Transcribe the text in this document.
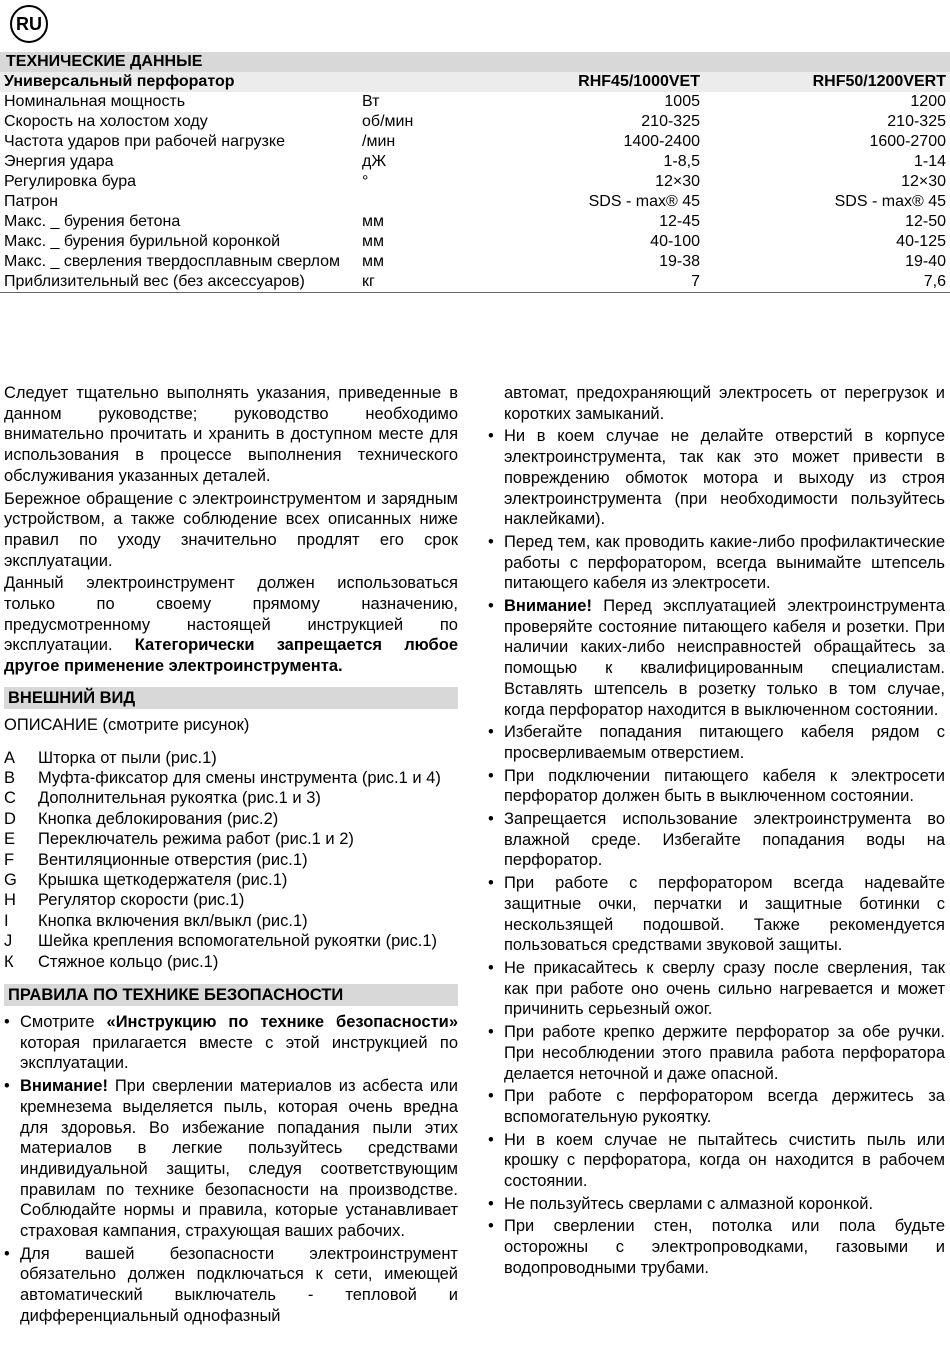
RU
ТЕХНИЧЕСКИЕ ДАННЫЕ
Универсальный перфоратор		RHF45/1000VET	RHF50/1200VERT
Номинальная мощность	Вт	1005	1200
Скорость на холостом ходу	об/мин	210-325	210-325
Частота ударов при рабочей нагрузке	/мин	1400-2400	1600-2700
Энергия удара	дЖ	1-8,5	1-14
Регулировка бура	°	12×30	12×30
Патрон		SDS - max® 45	SDS - max® 45
Макс. _ бурения бетона	мм	12-45	12-50
Макс. _ бурения бурильной коронкой	мм	40-100	40-125
Макс. _ сверления твердосплавным сверлом	мм	19-38	19-40
Приблизительный вес (без аксессуаров)	кг	7	7,6

Следует тщательно выполнять указания, приведенные в данном руководстве; руководство необходимо внимательно прочитать и хранить в доступном месте для использования в процессе выполнения технического обслуживания указанных деталей.

Бережное обращение с электроинструментом и зарядным устройством, а также соблюдение всех описанных ниже правил по уходу значительно продлят его срок эксплуатации.

Данный электроинструмент должен использоваться только по своему прямому назначению, предусмотренному настоящей инструкцией по эксплуатации. Категорически запрещается любое другое применение электроинструмента.

ВНЕШНИЙ ВИД
ОПИСАНИЕ (смотрите рисунок)
A	Шторка от пыли (рис.1)
B	Муфта-фиксатор для смены инструмента (рис.1 и 4)
C	Дополнительная рукоятка (рис.1 и 3)
D	Кнопка деблокирования (рис.2)
E	Переключатель режима работ (рис.1 и 2)
F	Вентиляционные отверстия (рис.1)
G	Крышка щеткодержателя (рис.1)
H	Регулятор скорости (рис.1)
I	Кнопка включения вкл/выкл (рис.1)
J	Шейка крепления вспомогательной рукоятки (рис.1)
К	Стяжное кольцо (рис.1)
ПРАВИЛА ПО ТЕХНИКЕ БЕЗОПАСНОСТИ
• Смотрите «Инструкцию по технике безопасности» которая прилагается вместе с этой инструкцией по эксплуатации.
• Внимание! При сверлении материалов из асбеста или кремнезема выделяется пыль, которая очень вредна для здоровья. Во избежание попадания пыли этих материалов в легкие пользуйтесь средствами индивидуальной защиты, следуя соответствующим правилам по технике безопасности на производстве. Соблюдайте нормы и правила, которые устанавливает страховая кампания, страхующая ваших рабочих.
• Для вашей безопасности электроинструмент обязательно должен подключаться к сети, имеющей автоматический выключатель - тепловой и дифференциальный однофазный

автомат, предохраняющий электросеть от перегрузок и коротких замыканий.

• Ни в коем случае не делайте отверстий в корпусе электроинструмента, так как это может привести в повреждению обмоток мотора и выходу из строя электроинструмента (при необходимости пользуйтесь наклейками).
• Перед тем, как проводить какие-либо профилактические работы с перфоратором, всегда вынимайте штепсель питающего кабеля из электросети.
• Внимание! Перед эксплуатацией электроинструмента проверяйте состояние питающего кабеля и розетки. При наличии каких-либо неисправностей обращайтесь за помощью к квалифицированным специалистам. Вставлять штепсель в розетку только в том случае, когда перфоратор находится в выключенном состоянии.
• Избегайте попадания питающего кабеля рядом с просверливаемым отверстием.
• При подключении питающего кабеля к электросети перфоратор должен быть в выключенном состоянии.
• Запрещается использование электроинструмента во влажной среде. Избегайте попадания воды на перфоратор.
• При работе с перфоратором всегда надевайте защитные очки, перчатки и защитные ботинки с нескользящей подошвой. Также рекомендуется пользоваться средствами звуковой защиты.
• Не прикасайтесь к сверлу сразу после сверления, так как при работе оно очень сильно нагревается и может причинить серьезный ожог.
• При работе крепко держите перфоратор за обе ручки. При несоблюдении этого правила работа перфоратора делается неточной и даже опасной.
• При работе с перфоратором всегда держитесь за вспомогательную рукоятку.
• Ни в коем случае не пытайтесь счистить пыль или крошку с перфоратора, когда он находится в рабочем состоянии.
• Не пользуйтесь сверлами с алмазной коронкой.
• При сверлении стен, потолка или пола будьте осторожны с электропроводками, газовыми и водопроводными трубами.
